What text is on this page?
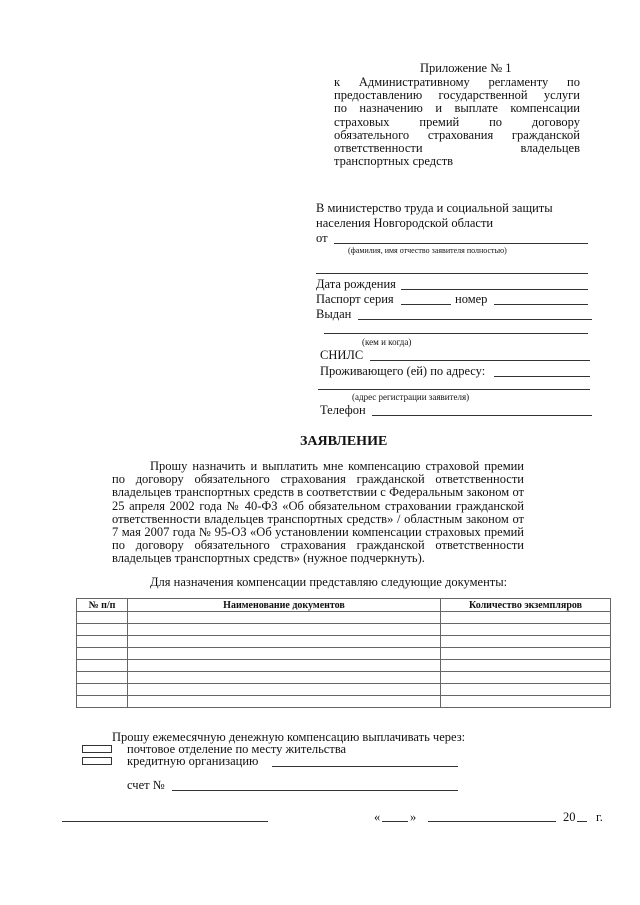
Приложение № 1
к Административному регламенту по
предоставлению государственной услуги
по назначению и выплате компенсации
страховых премий по договору
обязательного страхования гражданской
ответственности владельцев
транспортных средств
В министерство труда и социальной защиты
населения Новгородской области
от
(фамилия, имя отчество заявителя полностью)
Дата рождения
Паспорт серия	номер
Выдан
(кем и когда)
СНИЛС
Проживающего (ей) по адресу:
(адрес регистрации заявителя)
Телефон
ЗАЯВЛЕНИЕ
Прошу назначить и выплатить мне компенсацию страховой премии по договору обязательного страхования гражданской ответственности владельцев транспортных средств в соответствии с Федеральным законом от 25 апреля 2002 года № 40-ФЗ «Об обязательном страховании гражданской ответственности владельцев транспортных средств» / областным законом от 7 мая 2007 года № 95-ОЗ «Об установлении компенсации страховых премий по договору обязательного страхования гражданской ответственности владельцев транспортных средств» (нужное подчеркнуть).
Для назначения компенсации представляю следующие документы:
№ п/п	Наименование документов	Количество экземпляров

Прошу ежемесячную денежную компенсацию выплачивать через:
почтовое отделение по месту жительства
кредитную организацию
счет №
« »	20 г.
